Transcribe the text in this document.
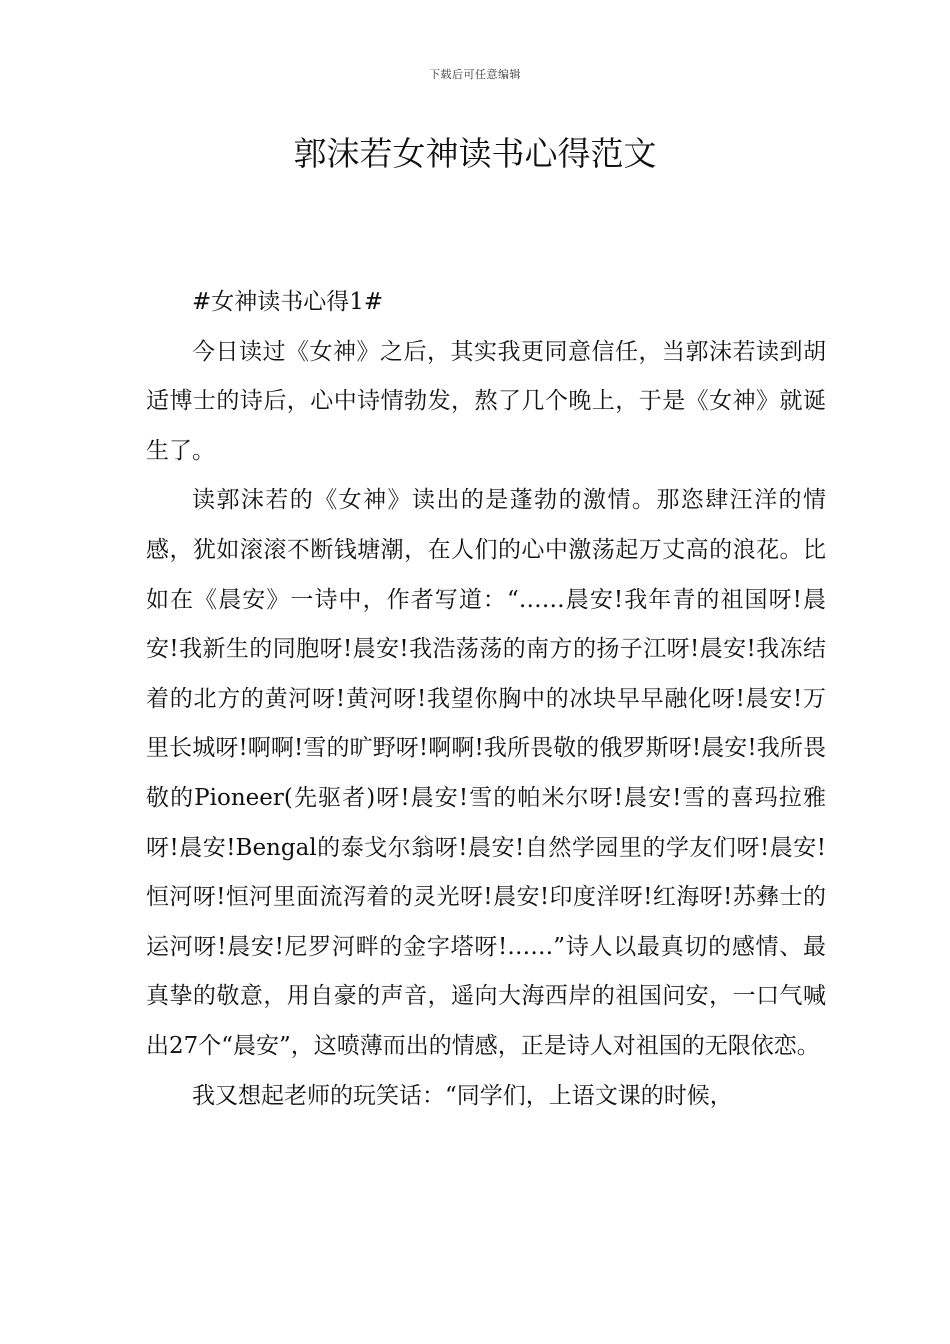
下载后可任意编辑
郭沫若女神读书心得范文

#女神读书心得1#

今日读过《女神》之后，其实我更同意信任，当郭沫若读到胡适博士的诗后，心中诗情勃发，熬了几个晚上，于是《女神》就诞生了。

读郭沫若的《女神》读出的是蓬勃的激情。那恣肆汪洋的情感，犹如滚滚不断钱塘潮，在人们的心中激荡起万丈高的浪花。比如在《晨安》一诗中，作者写道：“……晨安!我年青的祖国呀!晨安!我新生的同胞呀!晨安!我浩荡荡的南方的扬子江呀!晨安!我冻结着的北方的黄河呀!黄河呀!我望你胸中的冰块早早融化呀!晨安!万里长城呀!啊啊!雪的旷野呀!啊啊!我所畏敬的俄罗斯呀!晨安!我所畏敬的Pioneer(先驱者)呀!晨安!雪的帕米尔呀!晨安!雪的喜玛拉雅呀!晨安!Bengal的泰戈尔翁呀!晨安!自然学园里的学友们呀!晨安!恒河呀!恒河里面流泻着的灵光呀!晨安!印度洋呀!红海呀!苏彝士的运河呀!晨安!尼罗河畔的金字塔呀!……”诗人以最真切的感情、最真挚的敬意，用自豪的声音，遥向大海西岸的祖国问安，一口气喊出27个“晨安”，这喷薄而出的情感，正是诗人对祖国的无限依恋。

我又想起老师的玩笑话：“同学们，上语文课的时候，
